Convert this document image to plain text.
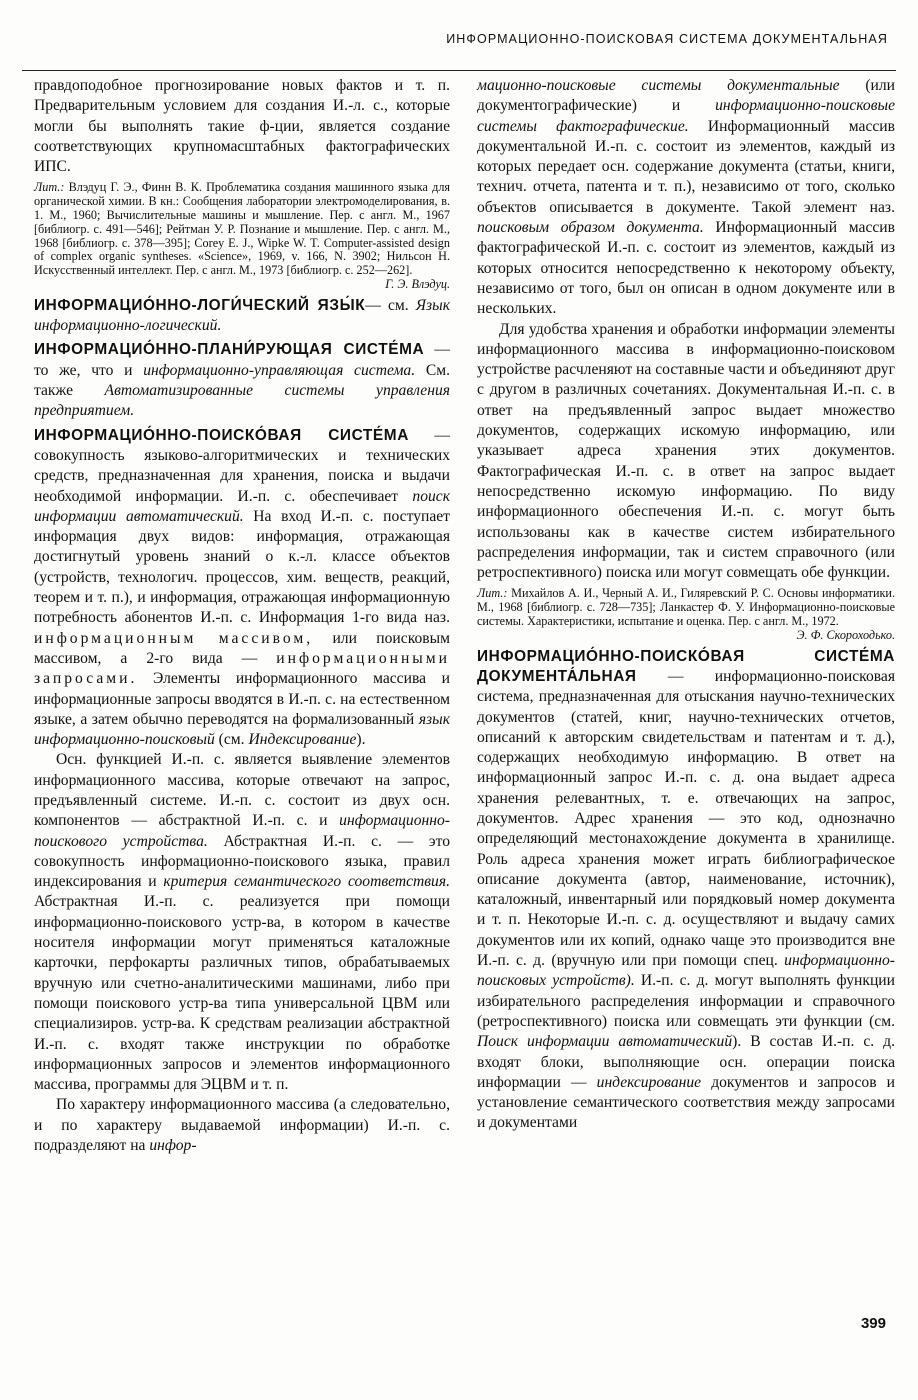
ИНФОРМАЦИОННО-ПОИСКОВАЯ СИСТЕМА ДОКУМЕНТАЛЬНАЯ

правдоподобное прогнозирование новых фактов и т. п. Предварительным условием для создания И.-л. с., которые могли бы выполнять такие ф-ции, является создание соответствующих крупномасштабных фактографических ИПС.

Лит.: Влэдуц Г. Э., Финн В. К. Проблематика создания машинного языка для органической химии. В кн.: Сообщения лаборатории электромоделирования, в. 1. М., 1960; Вычислительные машины и мышление. Пер. с англ. М., 1967 [библиогр. с. 491—546]; Рейтман У. Р. Познание и мышление. Пер. с англ. М., 1968 [библиогр. с. 378—395]; Corey E. J., Wipke W. T. Computer-assisted design of complex organic syntheses. «Science», 1969, v. 166, N. 3902; Нильсон Н. Искусственный интеллект. Пер. с англ. М., 1973 [библиогр. с. 252—262].
Г. Э. Влэдуц.

ИНФОРМАЦИО́ННО-ЛОГИ́ЧЕСКИЙ ЯЗЫ́К— см. Язык информационно-логический.

ИНФОРМАЦИО́ННО-ПЛАНИ́РУЮЩАЯ СИСТЕ́МА — то же, что и информационно-управляющая система. См. также Автоматизированные системы управления предприятием.

ИНФОРМАЦИО́ННО-ПОИСКО́ВАЯ СИСТЕ́МА — совокупность языково-алгоритмических и технических средств, предназначенная для хранения, поиска и выдачи необходимой информации. И.-п. с. обеспечивает поиск информации автоматический. На вход И.-п. с. поступает информация двух видов: информация, отражающая достигнутый уровень знаний о к.-л. классе объектов (устройств, технологич. процессов, хим. веществ, реакций, теорем и т. п.), и информация, отражающая информационную потребность абонентов И.-п. с. Информация 1-го вида наз. информационным массивом, или поисковым массивом, а 2-го вида — информационными запросами. Элементы информационного массива и информационные запросы вводятся в И.-п. с. на естественном языке, а затем обычно переводятся на формализованный язык информационно-поисковый (см. Индексирование).

Осн. функцией И.-п. с. является выявление элементов информационного массива, которые отвечают на запрос, предъявленный системе. И.-п. с. состоит из двух осн. компонентов — абстрактной И.-п. с. и информационно-поискового устройства. Абстрактная И.-п. с. — это совокупность информационно-поискового языка, правил индексирования и критерия семантического соответствия. Абстрактная И.-п. с. реализуется при помощи информационно-поискового устр-ва, в котором в качестве носителя информации могут применяться каталожные карточки, перфокарты различных типов, обрабатываемых вручную или счетно-аналитическими машинами, либо при помощи поискового устр-ва типа универсальной ЦВМ или специализиров. устр-ва. К средствам реализации абстрактной И.-п. с. входят также инструкции по обработке информационных запросов и элементов информационного массива, программы для ЭЦВМ и т. п.

По характеру информационного массива (а следовательно, и по характеру выдаваемой информации) И.-п. с. подразделяют на инфор-

мационно-поисковые системы документальные (или документографические) и информационно-поисковые системы фактографические. Информационный массив документальной И.-п. с. состоит из элементов, каждый из которых передает осн. содержание документа (статьи, книги, технич. отчета, патента и т. п.), независимо от того, сколько объектов описывается в документе. Такой элемент наз. поисковым образом документа. Информационный массив фактографической И.-п. с. состоит из элементов, каждый из которых относится непосредственно к некоторому объекту, независимо от того, был он описан в одном документе или в нескольких.

Для удобства хранения и обработки информации элементы информационного массива в информационно-поисковом устройстве расчленяют на составные части и объединяют друг с другом в различных сочетаниях. Документальная И.-п. с. в ответ на предъявленный запрос выдает множество документов, содержащих искомую информацию, или указывает адреса хранения этих документов. Фактографическая И.-п. с. в ответ на запрос выдает непосредственно искомую информацию. По виду информационного обеспечения И.-п. с. могут быть использованы как в качестве систем избирательного распределения информации, так и систем справочного (или ретроспективного) поиска или могут совмещать обе функции.

Лит.: Михайлов А. И., Черный А. И., Гиляревский Р. С. Основы информатики. М., 1968 [библиогр. с. 728—735]; Ланкастер Ф. У. Информационно-поисковые системы. Характеристики, испытание и оценка. Пер. с англ. М., 1972.
Э. Ф. Скороходько.

ИНФОРМАЦИО́ННО-ПОИСКО́ВАЯ СИСТЕ́МА ДОКУМЕНТА́ЛЬНАЯ — информационно-поисковая система, предназначенная для отыскания научно-технических документов (статей, книг, научно-технических отчетов, описаний к авторским свидетельствам и патентам и т. д.), содержащих необходимую информацию. В ответ на информационный запрос И.-п. с. д. она выдает адреса хранения релевантных, т. е. отвечающих на запрос, документов. Адрес хранения — это код, однозначно определяющий местонахождение документа в хранилище. Роль адреса хранения может играть библиографическое описание документа (автор, наименование, источник), каталожный, инвентарный или порядковый номер документа и т. п. Некоторые И.-п. с. д. осуществляют и выдачу самих документов или их копий, однако чаще это производится вне И.-п. с. д. (вручную или при помощи спец. информационно-поисковых устройств). И.-п. с. д. могут выполнять функции избирательного распределения информации и справочного (ретроспективного) поиска или совмещать эти функции (см. Поиск информации автоматический). В состав И.-п. с. д. входят блоки, выполняющие осн. операции поиска информации — индексирование документов и запросов и установление семантического соответствия между запросами и документами

399
